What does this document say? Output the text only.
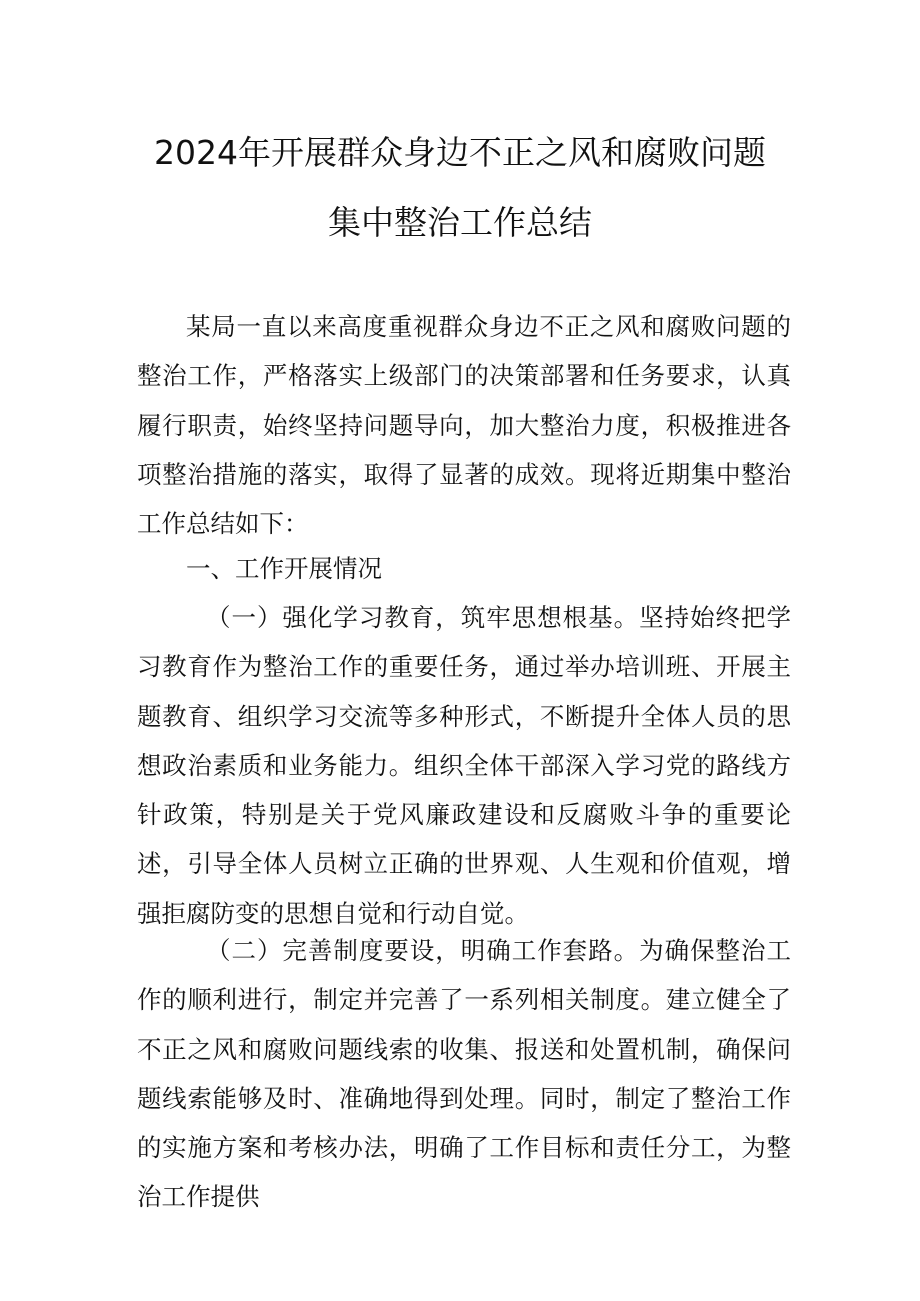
2024年开展群众身边不正之风和腐败问题
集中整治工作总结

某局一直以来高度重视群众身边不正之风和腐败问题的整治工作，严格落实上级部门的决策部署和任务要求，认真履行职责，始终坚持问题导向，加大整治力度，积极推进各项整治措施的落实，取得了显著的成效。现将近期集中整治工作总结如下：

一、工作开展情况

（一）强化学习教育，筑牢思想根基。坚持始终把学习教育作为整治工作的重要任务，通过举办培训班、开展主题教育、组织学习交流等多种形式，不断提升全体人员的思想政治素质和业务能力。组织全体干部深入学习党的路线方针政策，特别是关于党风廉政建设和反腐败斗争的重要论述，引导全体人员树立正确的世界观、人生观和价值观，增强拒腐防变的思想自觉和行动自觉。

（二）完善制度要设，明确工作套路。为确保整治工作的顺利进行，制定并完善了一系列相关制度。建立健全了不正之风和腐败问题线索的收集、报送和处置机制，确保问题线索能够及时、准确地得到处理。同时，制定了整治工作的实施方案和考核办法，明确了工作目标和责任分工，为整治工作提供
